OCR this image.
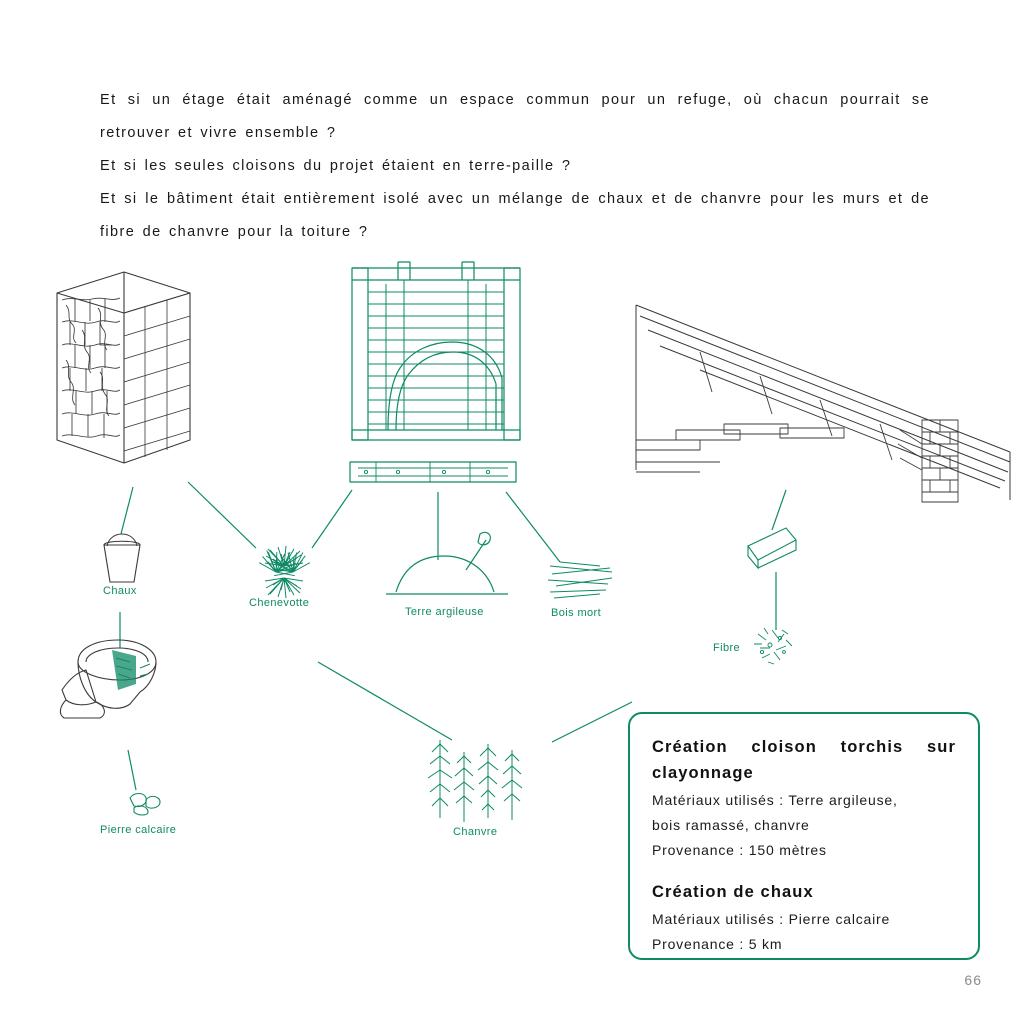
Et si un étage était aménagé comme un espace commun pour un refuge, où chacun pourrait se retrouver et vivre ensemble ?

Et si les seules cloisons du projet étaient en terre-paille ?

Et si le bâtiment était entièrement isolé avec un mélange de chaux et de chanvre pour les murs et de fibre de chanvre pour la toiture ?

Chaux
Chenevotte
Terre argileuse	Bois mort
Fibre
Pierre calcaire	Chanvre
Création cloison torchis sur clayonnage

Matériaux utilisés : Terre argileuse,

bois ramassé, chanvre

Provenance : 150 mètres

Création de chaux

Matériaux utilisés : Pierre calcaire

Provenance : 5 km

66
